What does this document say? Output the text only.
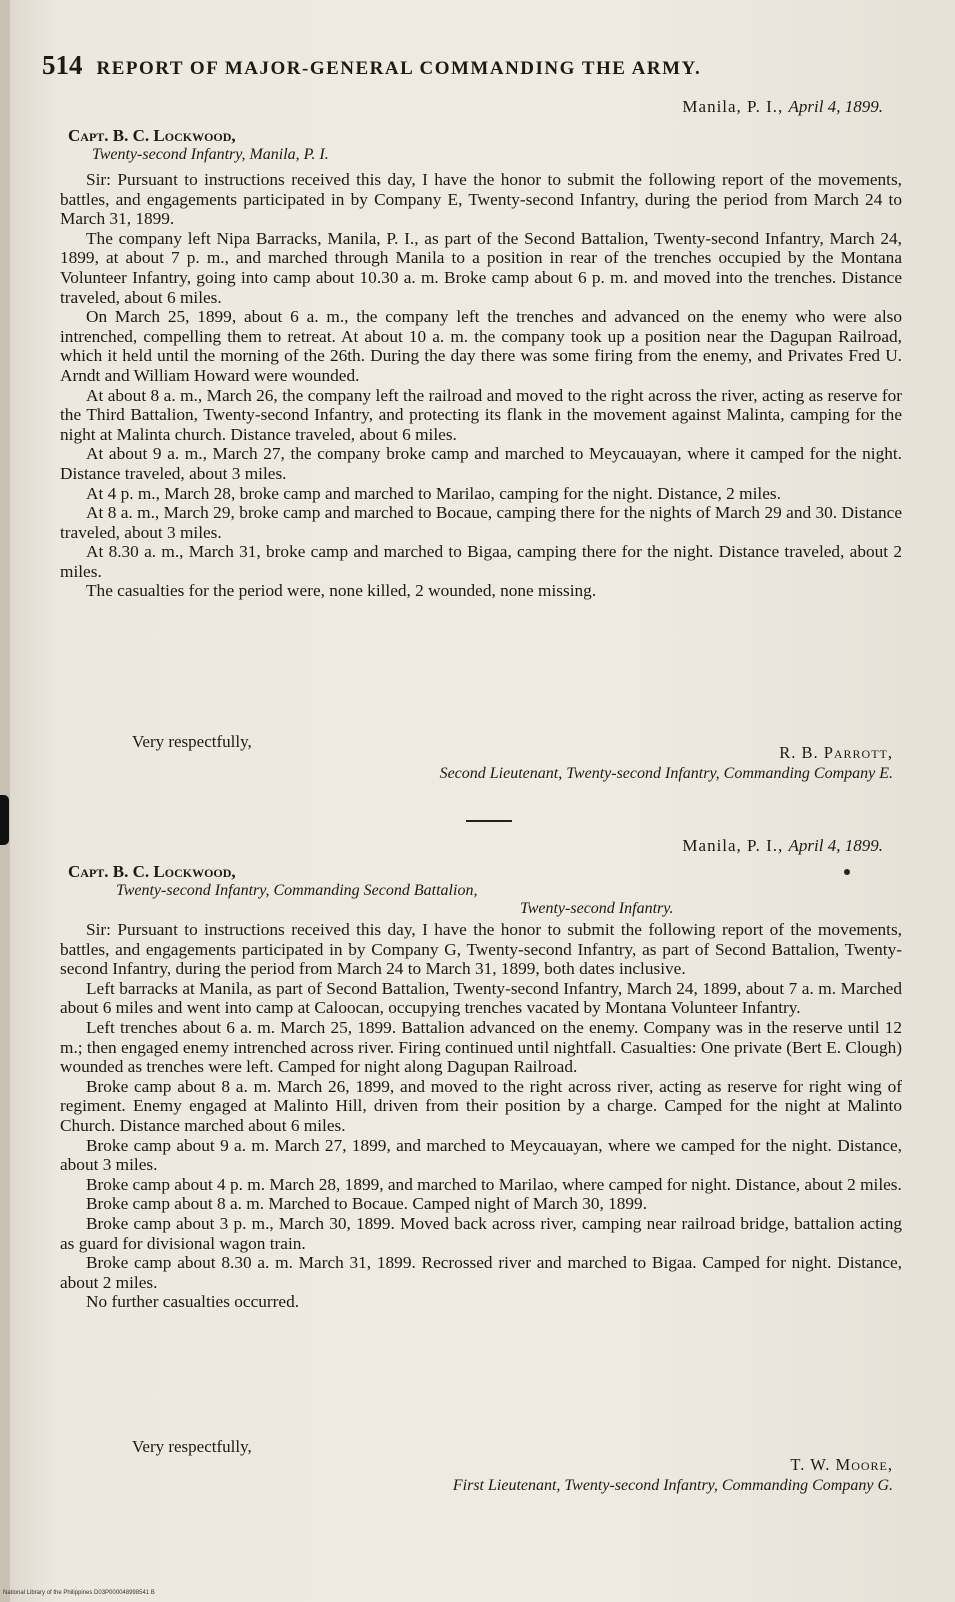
514 REPORT OF MAJOR-GENERAL COMMANDING THE ARMY.
Manila, P. I., April 4, 1899.
Capt. B. C. Lockwood,
Twenty-second Infantry, Manila, P. I.

Sir: Pursuant to instructions received this day, I have the honor to submit the following report of the movements, battles, and engagements participated in by Company E, Twenty-second Infantry, during the period from March 24 to March 31, 1899.

The company left Nipa Barracks, Manila, P. I., as part of the Second Battalion, Twenty-second Infantry, March 24, 1899, at about 7 p. m., and marched through Manila to a position in rear of the trenches occupied by the Montana Volunteer Infantry, going into camp about 10.30 a. m. Broke camp about 6 p. m. and moved into the trenches. Distance traveled, about 6 miles.

On March 25, 1899, about 6 a. m., the company left the trenches and advanced on the enemy who were also intrenched, compelling them to retreat. At about 10 a. m. the company took up a position near the Dagupan Railroad, which it held until the morning of the 26th. During the day there was some firing from the enemy, and Privates Fred U. Arndt and William Howard were wounded.

At about 8 a. m., March 26, the company left the railroad and moved to the right across the river, acting as reserve for the Third Battalion, Twenty-second Infantry, and protecting its flank in the movement against Malinta, camping for the night at Malinta church. Distance traveled, about 6 miles.

At about 9 a. m., March 27, the company broke camp and marched to Meycauayan, where it camped for the night. Distance traveled, about 3 miles.

At 4 p. m., March 28, broke camp and marched to Marilao, camping for the night. Distance, 2 miles.

At 8 a. m., March 29, broke camp and marched to Bocaue, camping there for the nights of March 29 and 30. Distance traveled, about 3 miles.

At 8.30 a. m., March 31, broke camp and marched to Bigaa, camping there for the night. Distance traveled, about 2 miles.

The casualties for the period were, none killed, 2 wounded, none missing.

Very respectfully,
R. B. Parrott,
Second Lieutenant, Twenty-second Infantry, Commanding Company E.
Manila, P. I., April 4, 1899.
Capt. B. C. Lockwood,
Twenty-second Infantry, Commanding Second Battalion,
Twenty-second Infantry.

Sir: Pursuant to instructions received this day, I have the honor to submit the following report of the movements, battles, and engagements participated in by Company G, Twenty-second Infantry, as part of Second Battalion, Twenty-second Infantry, during the period from March 24 to March 31, 1899, both dates inclusive.

Left barracks at Manila, as part of Second Battalion, Twenty-second Infantry, March 24, 1899, about 7 a. m. Marched about 6 miles and went into camp at Caloocan, occupying trenches vacated by Montana Volunteer Infantry.

Left trenches about 6 a. m. March 25, 1899. Battalion advanced on the enemy. Company was in the reserve until 12 m.; then engaged enemy intrenched across river. Firing continued until nightfall. Casualties: One private (Bert E. Clough) wounded as trenches were left. Camped for night along Dagupan Railroad.

Broke camp about 8 a. m. March 26, 1899, and moved to the right across river, acting as reserve for right wing of regiment. Enemy engaged at Malinto Hill, driven from their position by a charge. Camped for the night at Malinto Church. Distance marched about 6 miles.

Broke camp about 9 a. m. March 27, 1899, and marched to Meycauayan, where we camped for the night. Distance, about 3 miles.

Broke camp about 4 p. m. March 28, 1899, and marched to Marilao, where camped for night. Distance, about 2 miles.

Broke camp about 8 a. m. Marched to Bocaue. Camped night of March 30, 1899.

Broke camp about 3 p. m., March 30, 1899. Moved back across river, camping near railroad bridge, battalion acting as guard for divisional wagon train.

Broke camp about 8.30 a. m. March 31, 1899. Recrossed river and marched to Bigaa. Camped for night. Distance, about 2 miles.

No further casualties occurred.

Very respectfully,
T. W. Moore,
First Lieutenant, Twenty-second Infantry, Commanding Company G.
National Library of the Philippines D03P000048998541 B
